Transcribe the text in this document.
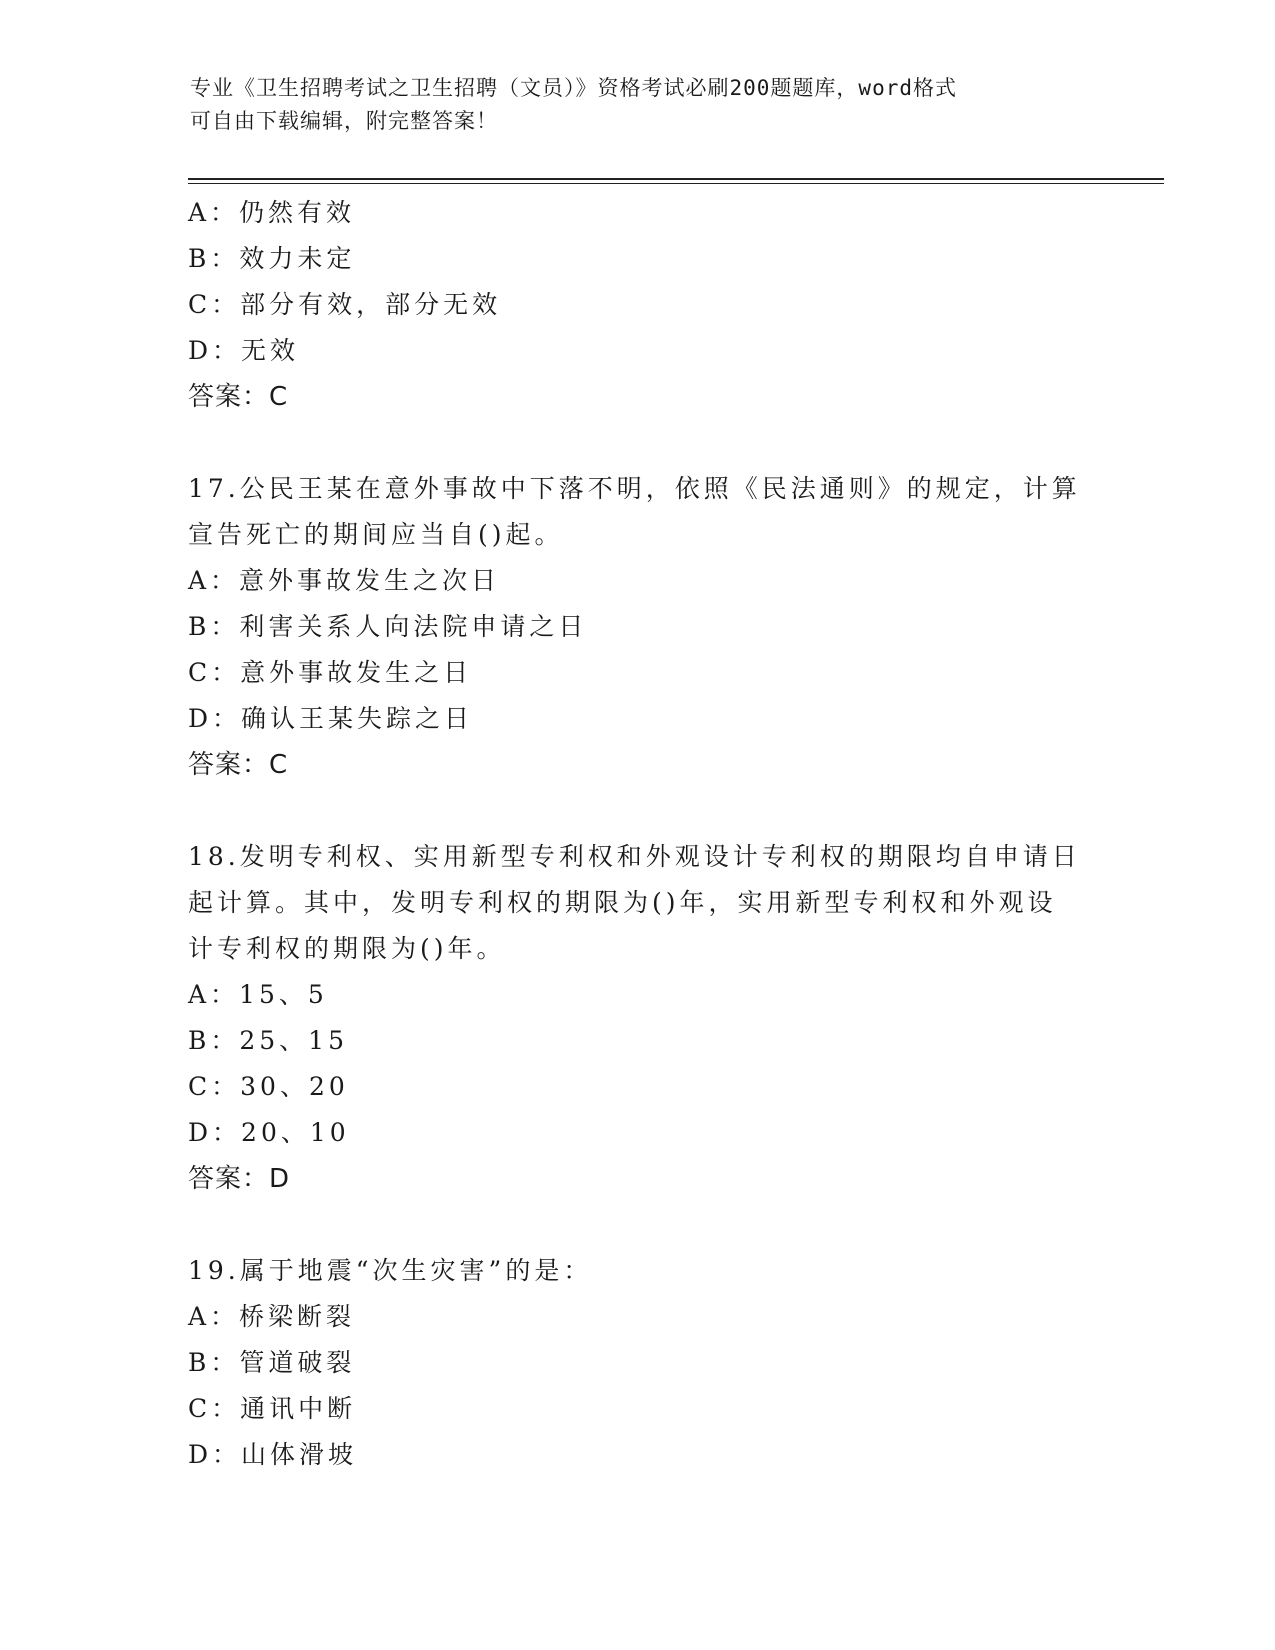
专业《卫生招聘考试之卫生招聘（文员）》资格考试必刷200题题库，word格式
可自由下载编辑，附完整答案！
A：仍然有效
B：效力未定
C：部分有效，部分无效
D：无效
答案：C
17.公民王某在意外事故中下落不明，依照《民法通则》的规定，计算
宣告死亡的期间应当自()起。
A：意外事故发生之次日
B：利害关系人向法院申请之日
C：意外事故发生之日
D：确认王某失踪之日
答案：C
18.发明专利权、实用新型专利权和外观设计专利权的期限均自申请日
起计算。其中，发明专利权的期限为()年，实用新型专利权和外观设
计专利权的期限为()年。
A：15、5
B：25、15
C：30、20
D：20、10
答案：D
19.属于地震“次生灾害”的是：
A：桥梁断裂
B：管道破裂
C：通讯中断
D：山体滑坡
